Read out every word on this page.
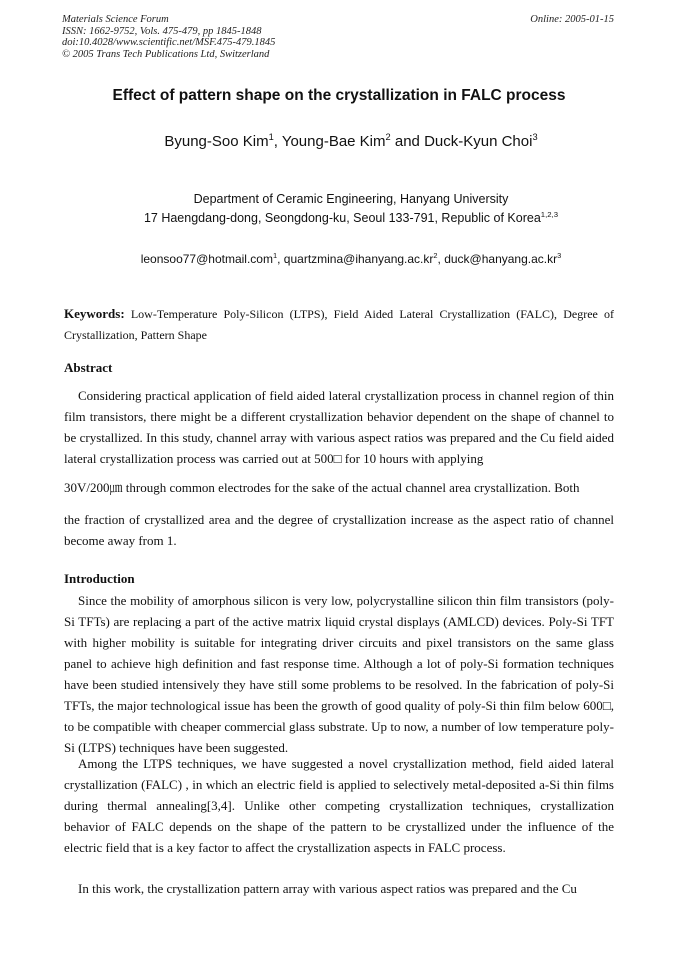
Materials Science Forum
ISSN: 1662-9752, Vols. 475-479, pp 1845-1848
doi:10.4028/www.scientific.net/MSF.475-479.1845
© 2005 Trans Tech Publications Ltd, Switzerland
Online: 2005-01-15
Effect of pattern shape on the crystallization in FALC process
Byung-Soo Kim$^1$, Young-Bae Kim$^2$ and Duck-Kyun Choi$^3$
Department of Ceramic Engineering, Hanyang University
17 Haengdang-dong, Seongdong-ku, Seoul 133-791, Republic of Korea$^{1,2,3}$
leonsoo77@hotmail.com$^1$, $quartzmina@ihanyang.ac.kr^2$, $duck@hanyang.ac.kr^3$
Keywords: Low-Temperature Poly-Silicon (LTPS), Field Aided Lateral Crystallization (FALC), Degree of Crystallization, Pattern Shape
Abstract
Considering practical application of field aided lateral crystallization process in channel region of thin film transistors, there might be a different crystallization behavior dependent on the shape of channel to be crystallized. In this study, channel array with various aspect ratios was prepared and the Cu field aided lateral crystallization process was carried out at 500□ for 10 hours with applying
30V/200㎛ through common electrodes for the sake of the actual channel area crystallization. Both
the fraction of crystallized area and the degree of crystallization increase as the aspect ratio of channel become away from 1.
Introduction
Since the mobility of amorphous silicon is very low, polycrystalline silicon thin film transistors (poly-Si TFTs) are replacing a part of the active matrix liquid crystal displays (AMLCD) devices. Poly-Si TFT with higher mobility is suitable for integrating driver circuits and pixel transistors on the same glass panel to achieve high definition and fast response time. Although a lot of poly-Si formation techniques have been studied intensively they have still some problems to be resolved. In the fabrication of poly-Si TFTs, the major technological issue has been the growth of good quality of poly-Si thin film below 600□, to be compatible with cheaper commercial glass substrate. Up to now, a number of low temperature poly-Si (LTPS) techniques have been suggested.
Among the LTPS techniques, we have suggested a novel crystallization method, field aided lateral crystallization (FALC) , in which an electric field is applied to selectively metal-deposited a-Si thin films during thermal annealing[3,4]. Unlike other competing crystallization techniques, crystallization behavior of FALC depends on the shape of the pattern to be crystallized under the influence of the electric field that is a key factor to affect the crystallization aspects in FALC process.
In this work, the crystallization pattern array with various aspect ratios was prepared and the Cu
